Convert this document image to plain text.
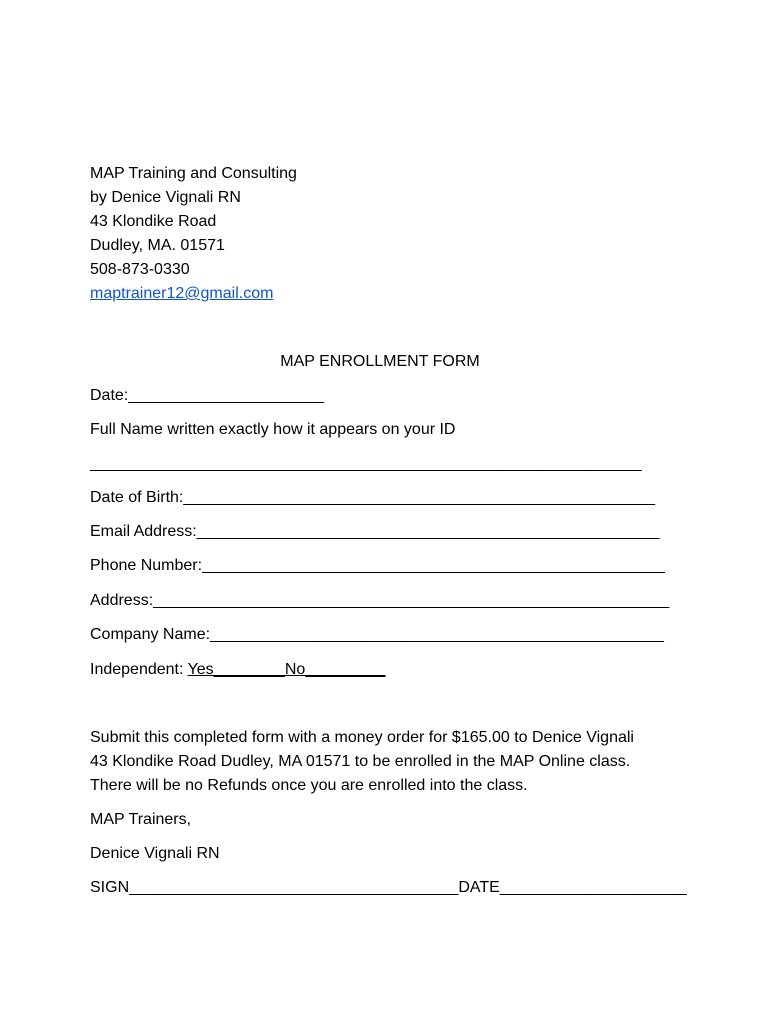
MAP Training and Consulting
by Denice Vignali RN
43 Klondike Road
Dudley, MA. 01571
508-873-0330
maptrainer12@gmail.com
MAP ENROLLMENT FORM
Date:______________________
Full Name written exactly how it appears on your ID
______________________________________________________________
Date of Birth:_____________________________________________________
Email Address:____________________________________________________
Phone Number:____________________________________________________
Address:__________________________________________________________
Company Name:___________________________________________________
Independent: Yes________No_________
Submit this completed form with a money order for $165.00 to Denice Vignali
43 Klondike Road Dudley, MA 01571 to be enrolled in the MAP Online class.
There will be no Refunds once you are enrolled into the class.
MAP Trainers,
Denice Vignali RN
SIGN_____________________________________DATE_____________________
